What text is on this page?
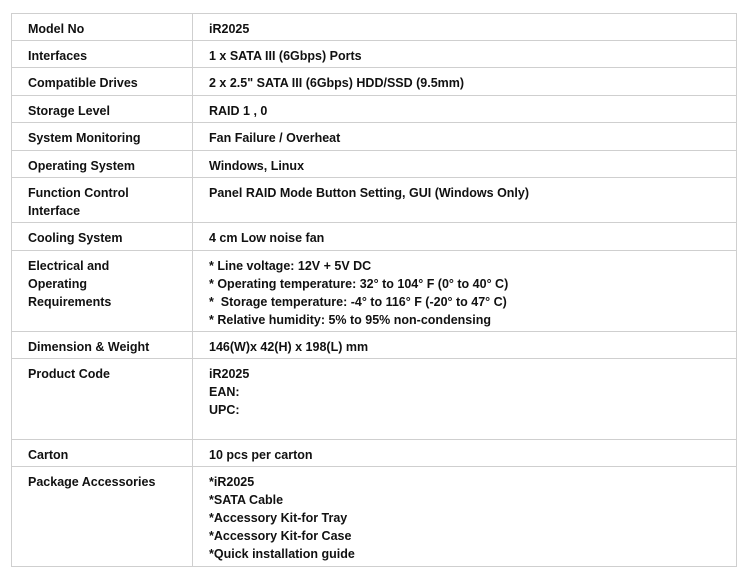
Model No	iR2025

Interfaces	1 x SATA III (6Gbps) Ports

Compatible Drives	2 x 2.5" SATA III (6Gbps) HDD/SSD (9.5mm)

Storage Level	RAID 1 , 0

System Monitoring	Fan Failure / Overheat

Operating System	Windows, Linux

Function Control
Interface	Panel RAID Mode Button Setting, GUI (Windows Only)

Cooling System	4 cm Low noise fan

Electrical and
Operating
Requirements	* Line voltage: 12V + 5V DC
* Operating temperature: 32° to 104° F (0° to 40° C)
*  Storage temperature: -4° to 116° F (-20° to 47° C)
* Relative humidity: 5% to 95% non-condensing

Dimension & Weight	146(W)x 42(H) x 198(L) mm

Product Code	iR2025
EAN:
UPC:

Carton	10 pcs per carton

Package Accessories	*iR2025
*SATA Cable
*Accessory Kit-for Tray
*Accessory Kit-for Case
*Quick installation guide
